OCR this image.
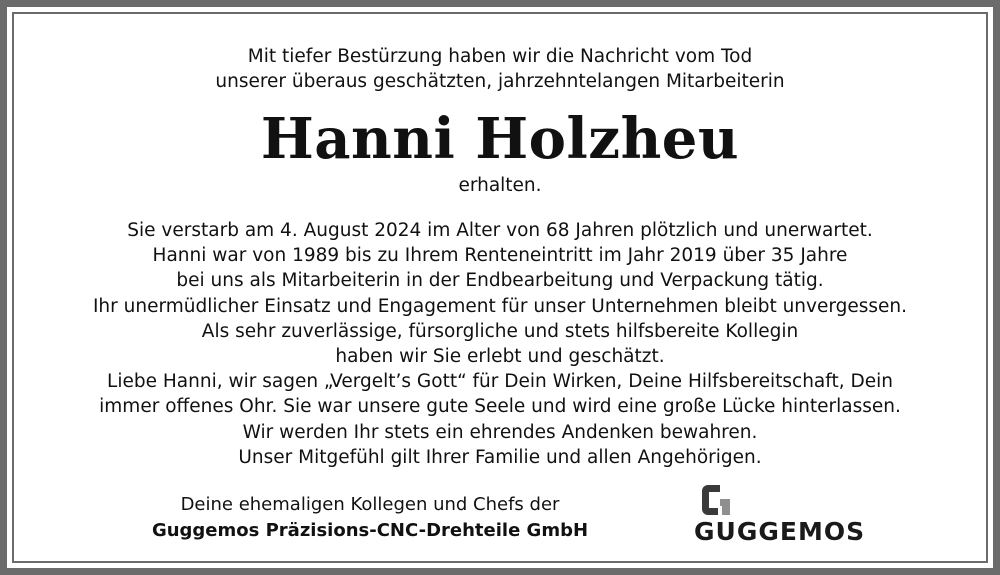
Mit tiefer Bestürzung haben wir die Nachricht vom Tod
unserer überaus geschätzten, jahrzehntelangen Mitarbeiterin
Hanni Holzheu
erhalten.
Sie verstarb am 4. August 2024 im Alter von 68 Jahren plötzlich und unerwartet.
Hanni war von 1989 bis zu Ihrem Renteneintritt im Jahr 2019 über 35 Jahre
bei uns als Mitarbeiterin in der Endbearbeitung und Verpackung tätig.
Ihr unermüdlicher Einsatz und Engagement für unser Unternehmen bleibt unvergessen.
Als sehr zuverlässige, fürsorgliche und stets hilfsbereite Kollegin
haben wir Sie erlebt und geschätzt.
Liebe Hanni, wir sagen „Vergelt’s Gott“ für Dein Wirken, Deine Hilfsbereitschaft, Dein
immer offenes Ohr. Sie war unsere gute Seele und wird eine große Lücke hinterlassen.
Wir werden Ihr stets ein ehrendes Andenken bewahren.
Unser Mitgefühl gilt Ihrer Familie und allen Angehörigen.
Deine ehemaligen Kollegen und Chefs der
Guggemos Präzisions-CNC-Drehteile GmbH	GUGGEMOS
